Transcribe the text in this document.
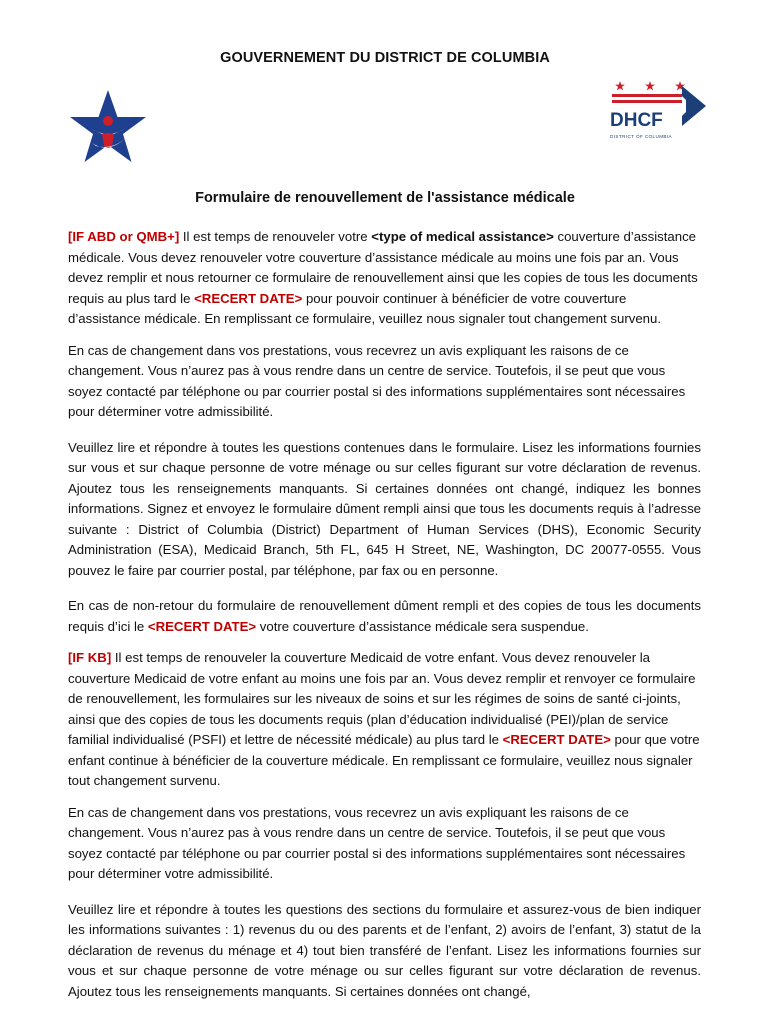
GOUVERNEMENT DU DISTRICT DE COLUMBIA
DHCF
DISTRICT OF COLUMBIA
Formulaire de renouvellement de l'assistance médicale

[IF ABD or QMB+] Il est temps de renouveler votre <type of medical assistance> couverture d’assistance médicale. Vous devez renouveler votre couverture d’assistance médicale au moins une fois par an. Vous devez remplir et nous retourner ce formulaire de renouvellement ainsi que les copies de tous les documents requis au plus tard le <RECERT DATE> pour pouvoir continuer à bénéficier de votre couverture d’assistance médicale. En remplissant ce formulaire, veuillez nous signaler tout changement survenu.

En cas de changement dans vos prestations, vous recevrez un avis expliquant les raisons de ce changement. Vous n’aurez pas à vous rendre dans un centre de service. Toutefois, il se peut que vous soyez contacté par téléphone ou par courrier postal si des informations supplémentaires sont nécessaires pour déterminer votre admissibilité.

Veuillez lire et répondre à toutes les questions contenues dans le formulaire. Lisez les informations fournies sur vous et sur chaque personne de votre ménage ou sur celles figurant sur votre déclaration de revenus. Ajoutez tous les renseignements manquants. Si certaines données ont changé, indiquez les bonnes informations. Signez et envoyez le formulaire dûment rempli ainsi que tous les documents requis à l’adresse suivante : District of Columbia (District) Department of Human Services (DHS), Economic Security Administration (ESA), Medicaid Branch, 5th FL, 645 H Street, NE, Washington, DC 20077-0555. Vous pouvez le faire par courrier postal, par téléphone, par fax ou en personne.

En cas de non-retour du formulaire de renouvellement dûment rempli et des copies de tous les documents requis d’ici le <RECERT DATE> votre couverture d’assistance médicale sera suspendue.

[IF KB] Il est temps de renouveler la couverture Medicaid de votre enfant. Vous devez renouveler la couverture Medicaid de votre enfant au moins une fois par an. Vous devez remplir et renvoyer ce formulaire de renouvellement, les formulaires sur les niveaux de soins et sur les régimes de soins de santé ci-joints, ainsi que des copies de tous les documents requis (plan d’éducation individualisé (PEI)/plan de service familial individualisé (PSFI) et lettre de nécessité médicale) au plus tard le <RECERT DATE> pour que votre enfant continue à bénéficier de la couverture médicale. En remplissant ce formulaire, veuillez nous signaler tout changement survenu.

En cas de changement dans vos prestations, vous recevrez un avis expliquant les raisons de ce changement. Vous n’aurez pas à vous rendre dans un centre de service. Toutefois, il se peut que vous soyez contacté par téléphone ou par courrier postal si des informations supplémentaires sont nécessaires pour déterminer votre admissibilité.

Veuillez lire et répondre à toutes les questions des sections du formulaire et assurez-vous de bien indiquer les informations suivantes : 1) revenus du ou des parents et de l’enfant, 2) avoirs de l’enfant, 3) statut de la déclaration de revenus du ménage et 4) tout bien transféré de l’enfant. Lisez les informations fournies sur vous et sur chaque personne de votre ménage ou sur celles figurant sur votre déclaration de revenus. Ajoutez tous les renseignements manquants. Si certaines données ont changé,
